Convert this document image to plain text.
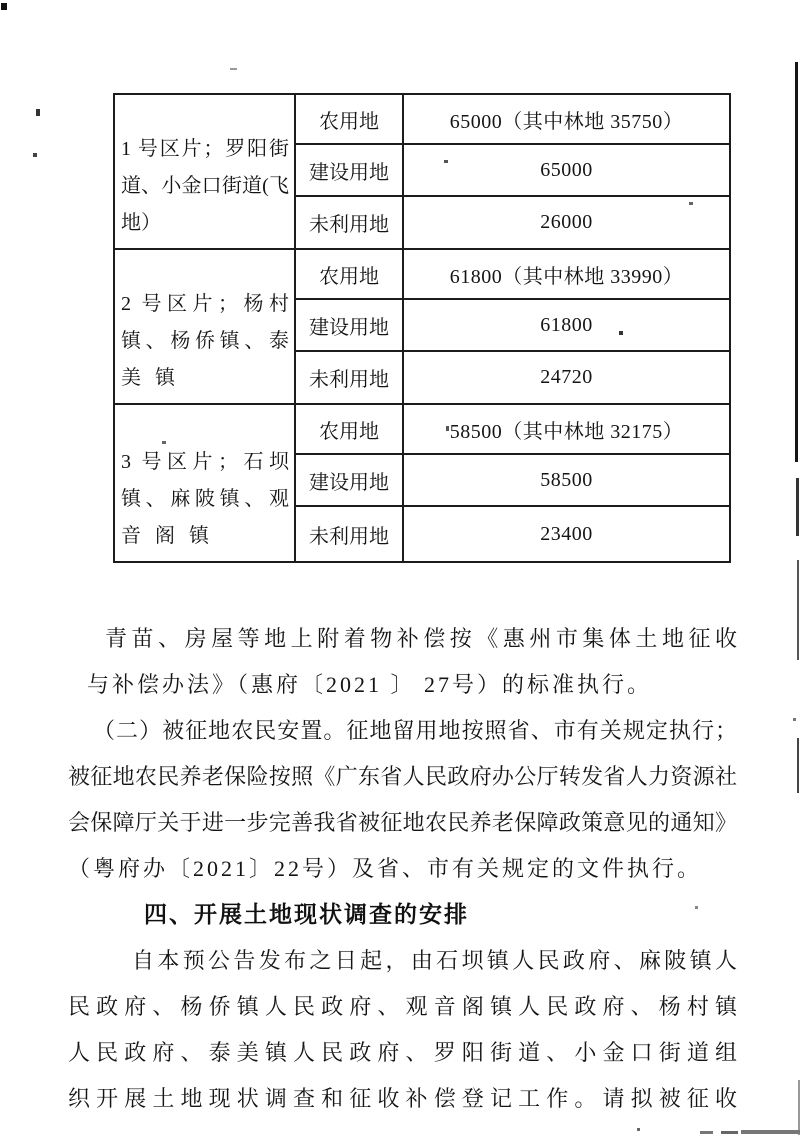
1 号区片；罗阳街
道、小金口街道(飞
地）
农用地	65000（其中林地 35750）
建设用地	65000
未利用地	26000
2 号区片；杨村
镇、杨侨镇、泰
美镇
农用地	61800（其中林地 33990）
建设用地	61800
未利用地	24720
3 号区片；石坝
镇、麻陂镇、观
音阁镇
农用地	58500（其中林地 32175）
建设用地	58500
未利用地	23400
青苗、房屋等地上附着物补偿按《惠州市集体土地征收
与补偿办法》（惠府〔2021 〕 27号）的标准执行。
（二）被征地农民安置。征地留用地按照省、市有关规定执行；
被征地农民养老保险按照《广东省人民政府办公厅转发省人力资源社
会保障厅关于进一步完善我省被征地农民养老保障政策意见的通知》
（粤府办〔2021〕22号）及省、市有关规定的文件执行。
四、开展土地现状调查的安排
自本预公告发布之日起，由石坝镇人民政府、麻陂镇人
民政府、杨侨镇人民政府、观音阁镇人民政府、杨村镇
人民政府、泰美镇人民政府、罗阳街道、小金口街道组
织开展土地现状调查和征收补偿登记工作。请拟被征收
